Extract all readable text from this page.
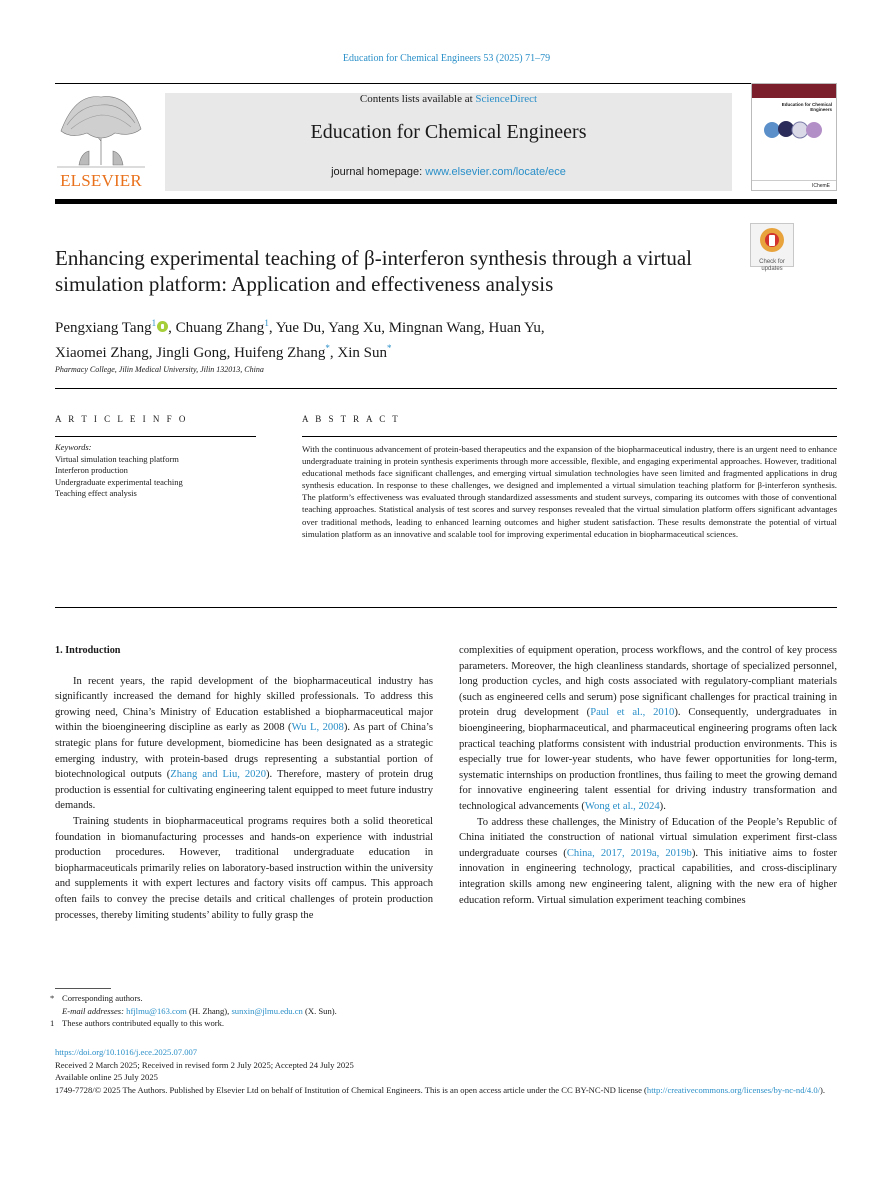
Education for Chemical Engineers 53 (2025) 71–79
ELSEVIER
Contents lists available at ScienceDirect
Education for Chemical Engineers
journal homepage: www.elsevier.com/locate/ece
Education for Chemical Engineers
IChemE
Check for updates
Enhancing experimental teaching of β-interferon synthesis through a virtual simulation platform: Application and effectiveness analysis
Pengxiang Tang$^1$ , Chuang Zhang$^1$, Yue Du, Yang Xu, Mingnan Wang, Huan Yu,
Xiaomei Zhang, Jingli Gong, Huifeng Zhang*, Xin Sun*
Pharmacy College, Jilin Medical University, Jilin 132013, China
A R T I C L E I N F O
Keywords:
Virtual simulation teaching platform
Interferon production
Undergraduate experimental teaching
Teaching effect analysis
A B S T R A C T
With the continuous advancement of protein-based therapeutics and the expansion of the biopharmaceutical industry, there is an urgent need to enhance undergraduate training in protein synthesis experiments through more accessible, flexible, and engaging experimental approaches. However, traditional educational methods face significant challenges, and emerging virtual simulation technologies have seen limited and fragmented applications in drug synthesis education. In response to these challenges, we designed and implemented a virtual simulation teaching platform for β-interferon synthesis. The platform’s effectiveness was evaluated through standardized assessments and student surveys, comparing its outcomes with those of conventional teaching approaches. Statistical analysis of test scores and survey responses revealed that the virtual simulation platform offers significant advantages over traditional methods, leading to enhanced learning outcomes and higher student satisfaction. These results demonstrate the potential of virtual simulation platform as an innovative and scalable tool for improving experimental education in biopharmaceutical sciences.
1. Introduction

In recent years, the rapid development of the biopharmaceutical industry has significantly increased the demand for highly skilled professionals. To address this growing need, China’s Ministry of Education established a biopharmaceutical major within the bioengineering discipline as early as 2008 (Wu L, 2008). As part of China’s strategic plans for future development, biomedicine has been designated as a strategic emerging industry, with protein-based drugs representing a substantial portion of biotechnological outputs (Zhang and Liu, 2020). Therefore, mastery of protein drug production is essential for cultivating engineering talent equipped to meet future industry demands.

Training students in biopharmaceutical programs requires both a solid theoretical foundation in biomanufacturing processes and hands-on experience with industrial production procedures. However, traditional undergraduate education in biopharmaceuticals primarily relies on laboratory-based instruction within the university and supplements it with expert lectures and factory visits off campus. This approach often fails to convey the precise details and critical challenges of protein production processes, thereby limiting students’ ability to fully grasp the

complexities of equipment operation, process workflows, and the control of key process parameters. Moreover, the high cleanliness standards, shortage of specialized personnel, long production cycles, and high costs associated with regulatory-compliant materials (such as engineered cells and serum) pose significant challenges for practical training in protein drug development (Paul et al., 2010). Consequently, undergraduates in bioengineering, biopharmaceutical, and pharmaceutical engineering programs often lack practical teaching platforms consistent with industrial production environments. This is especially true for lower-year students, who have fewer opportunities for long-term, systematic internships on production frontlines, thus failing to meet the growing demand for innovative engineering talent essential for driving industry transformation and technological advancements (Wong et al., 2024).

To address these challenges, the Ministry of Education of the People’s Republic of China initiated the construction of national virtual simulation experiment first-class undergraduate courses (China, 2017, 2019a, 2019b). This initiative aims to foster innovation in engineering technology, practical capabilities, and cross-disciplinary integration skills among new engineering talent, aligning with the new era of higher education reform. Virtual simulation experiment teaching combines

* Corresponding authors.
E-mail addresses: hfjlmu@163.com (H. Zhang), sunxin@jlmu.edu.cn (X. Sun).
1 These authors contributed equally to this work.
https://doi.org/10.1016/j.ece.2025.07.007
Received 2 March 2025; Received in revised form 2 July 2025; Accepted 24 July 2025
Available online 25 July 2025
1749-7728/© 2025 The Authors. Published by Elsevier Ltd on behalf of Institution of Chemical Engineers. This is an open access article under the CC BY-NC-ND license (http://creativecommons.org/licenses/by-nc-nd/4.0/).
